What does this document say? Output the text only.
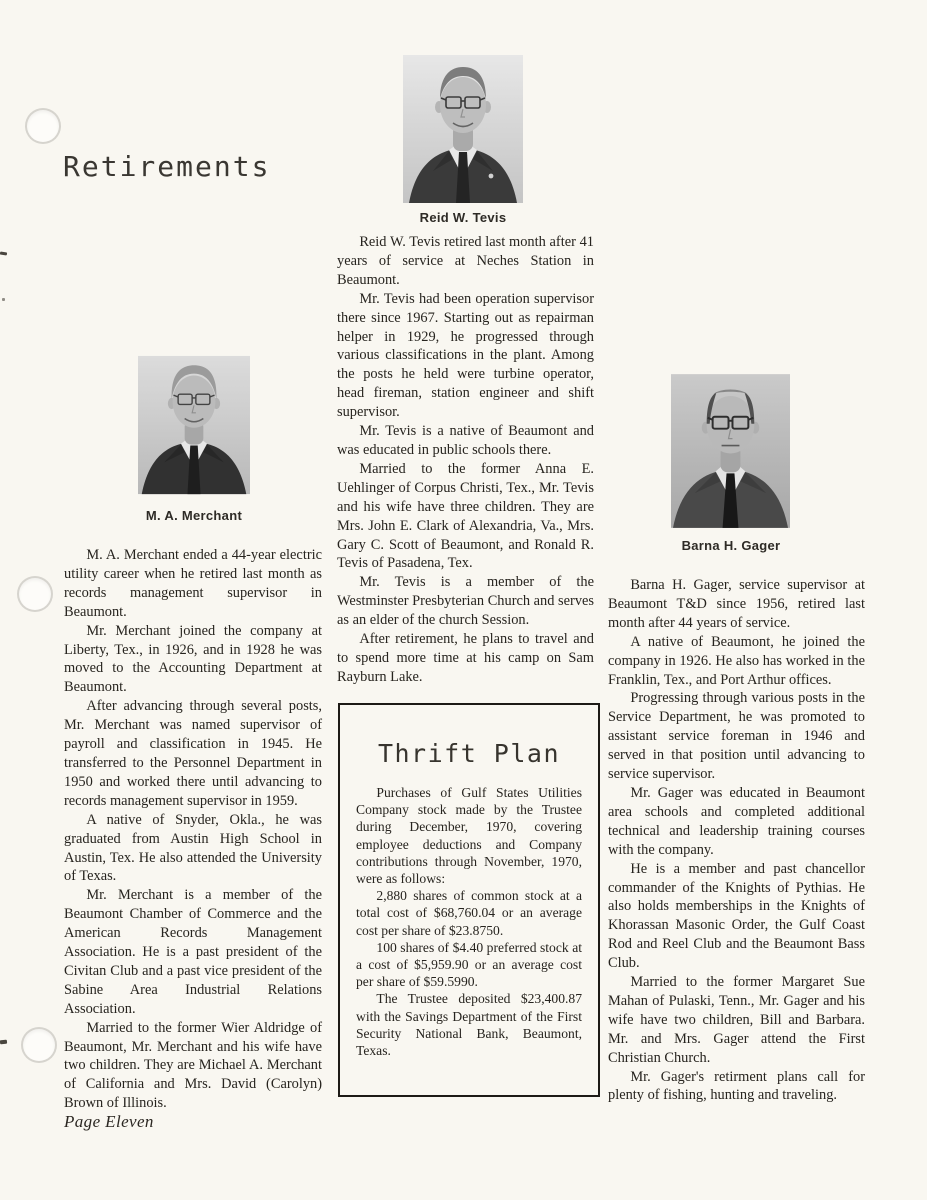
Retirements
Reid W. Tevis

Reid W. Tevis retired last month after 41 years of service at Neches Station in Beaumont.

Mr. Tevis had been operation supervisor there since 1967. Starting out as repairman helper in 1929, he progressed through various classifications in the plant. Among the posts he held were turbine operator, head fireman, station engineer and shift supervisor.

Mr. Tevis is a native of Beaumont and was educated in public schools there.

Married to the former Anna E. Uehlinger of Corpus Christi, Tex., Mr. Tevis and his wife have three children. They are Mrs. John E. Clark of Alexandria, Va., Mrs. Gary C. Scott of Beaumont, and Ronald R. Tevis of Pasadena, Tex.

Mr. Tevis is a member of the Westminster Presbyterian Church and serves as an elder of the church Session.

After retirement, he plans to travel and to spend more time at his camp on Sam Rayburn Lake.

M. A. Merchant

M. A. Merchant ended a 44-year electric utility career when he retired last month as records management supervisor in Beaumont.

Mr. Merchant joined the company at Liberty, Tex., in 1926, and in 1928 he was moved to the Accounting Department at Beaumont.

After advancing through several posts, Mr. Merchant was named supervisor of payroll and classification in 1945. He transferred to the Personnel Department in 1950 and worked there until advancing to records management supervisor in 1959.

A native of Snyder, Okla., he was graduated from Austin High School in Austin, Tex. He also attended the University of Texas.

Mr. Merchant is a member of the Beaumont Chamber of Commerce and the American Records Management Association. He is a past president of the Civitan Club and a past vice president of the Sabine Area Industrial Relations Association.

Married to the former Wier Aldridge of Beaumont, Mr. Merchant and his wife have two children. They are Michael A. Merchant of California and Mrs. David (Carolyn) Brown of Illinois.

Barna H. Gager

Barna H. Gager, service supervisor at Beaumont T&D since 1956, retired last month after 44 years of service.

A native of Beaumont, he joined the company in 1926. He also has worked in the Franklin, Tex., and Port Arthur offices.

Progressing through various posts in the Service Department, he was promoted to assistant service foreman in 1946 and served in that position until advancing to service supervisor.

Mr. Gager was educated in Beaumont area schools and completed additional technical and leadership training courses with the company.

He is a member and past chancellor commander of the Knights of Pythias. He also holds memberships in the Knights of Khorassan Masonic Order, the Gulf Coast Rod and Reel Club and the Beaumont Bass Club.

Married to the former Margaret Sue Mahan of Pulaski, Tenn., Mr. Gager and his wife have two children, Bill and Barbara. Mr. and Mrs. Gager attend the First Christian Church.

Mr. Gager's retirment plans call for plenty of fishing, hunting and traveling.

Thrift Plan

Purchases of Gulf States Utilities Company stock made by the Trustee during December, 1970, covering employee deductions and Company contributions through November, 1970, were as follows:

2,880 shares of common stock at a total cost of $68,760.04 or an average cost per share of $23.8750.

100 shares of $4.40 preferred stock at a cost of $5,959.90 or an average cost per share of $59.5990.

The Trustee deposited $23,400.87 with the Savings Department of the First Security National Bank, Beaumont, Texas.

Page Eleven
